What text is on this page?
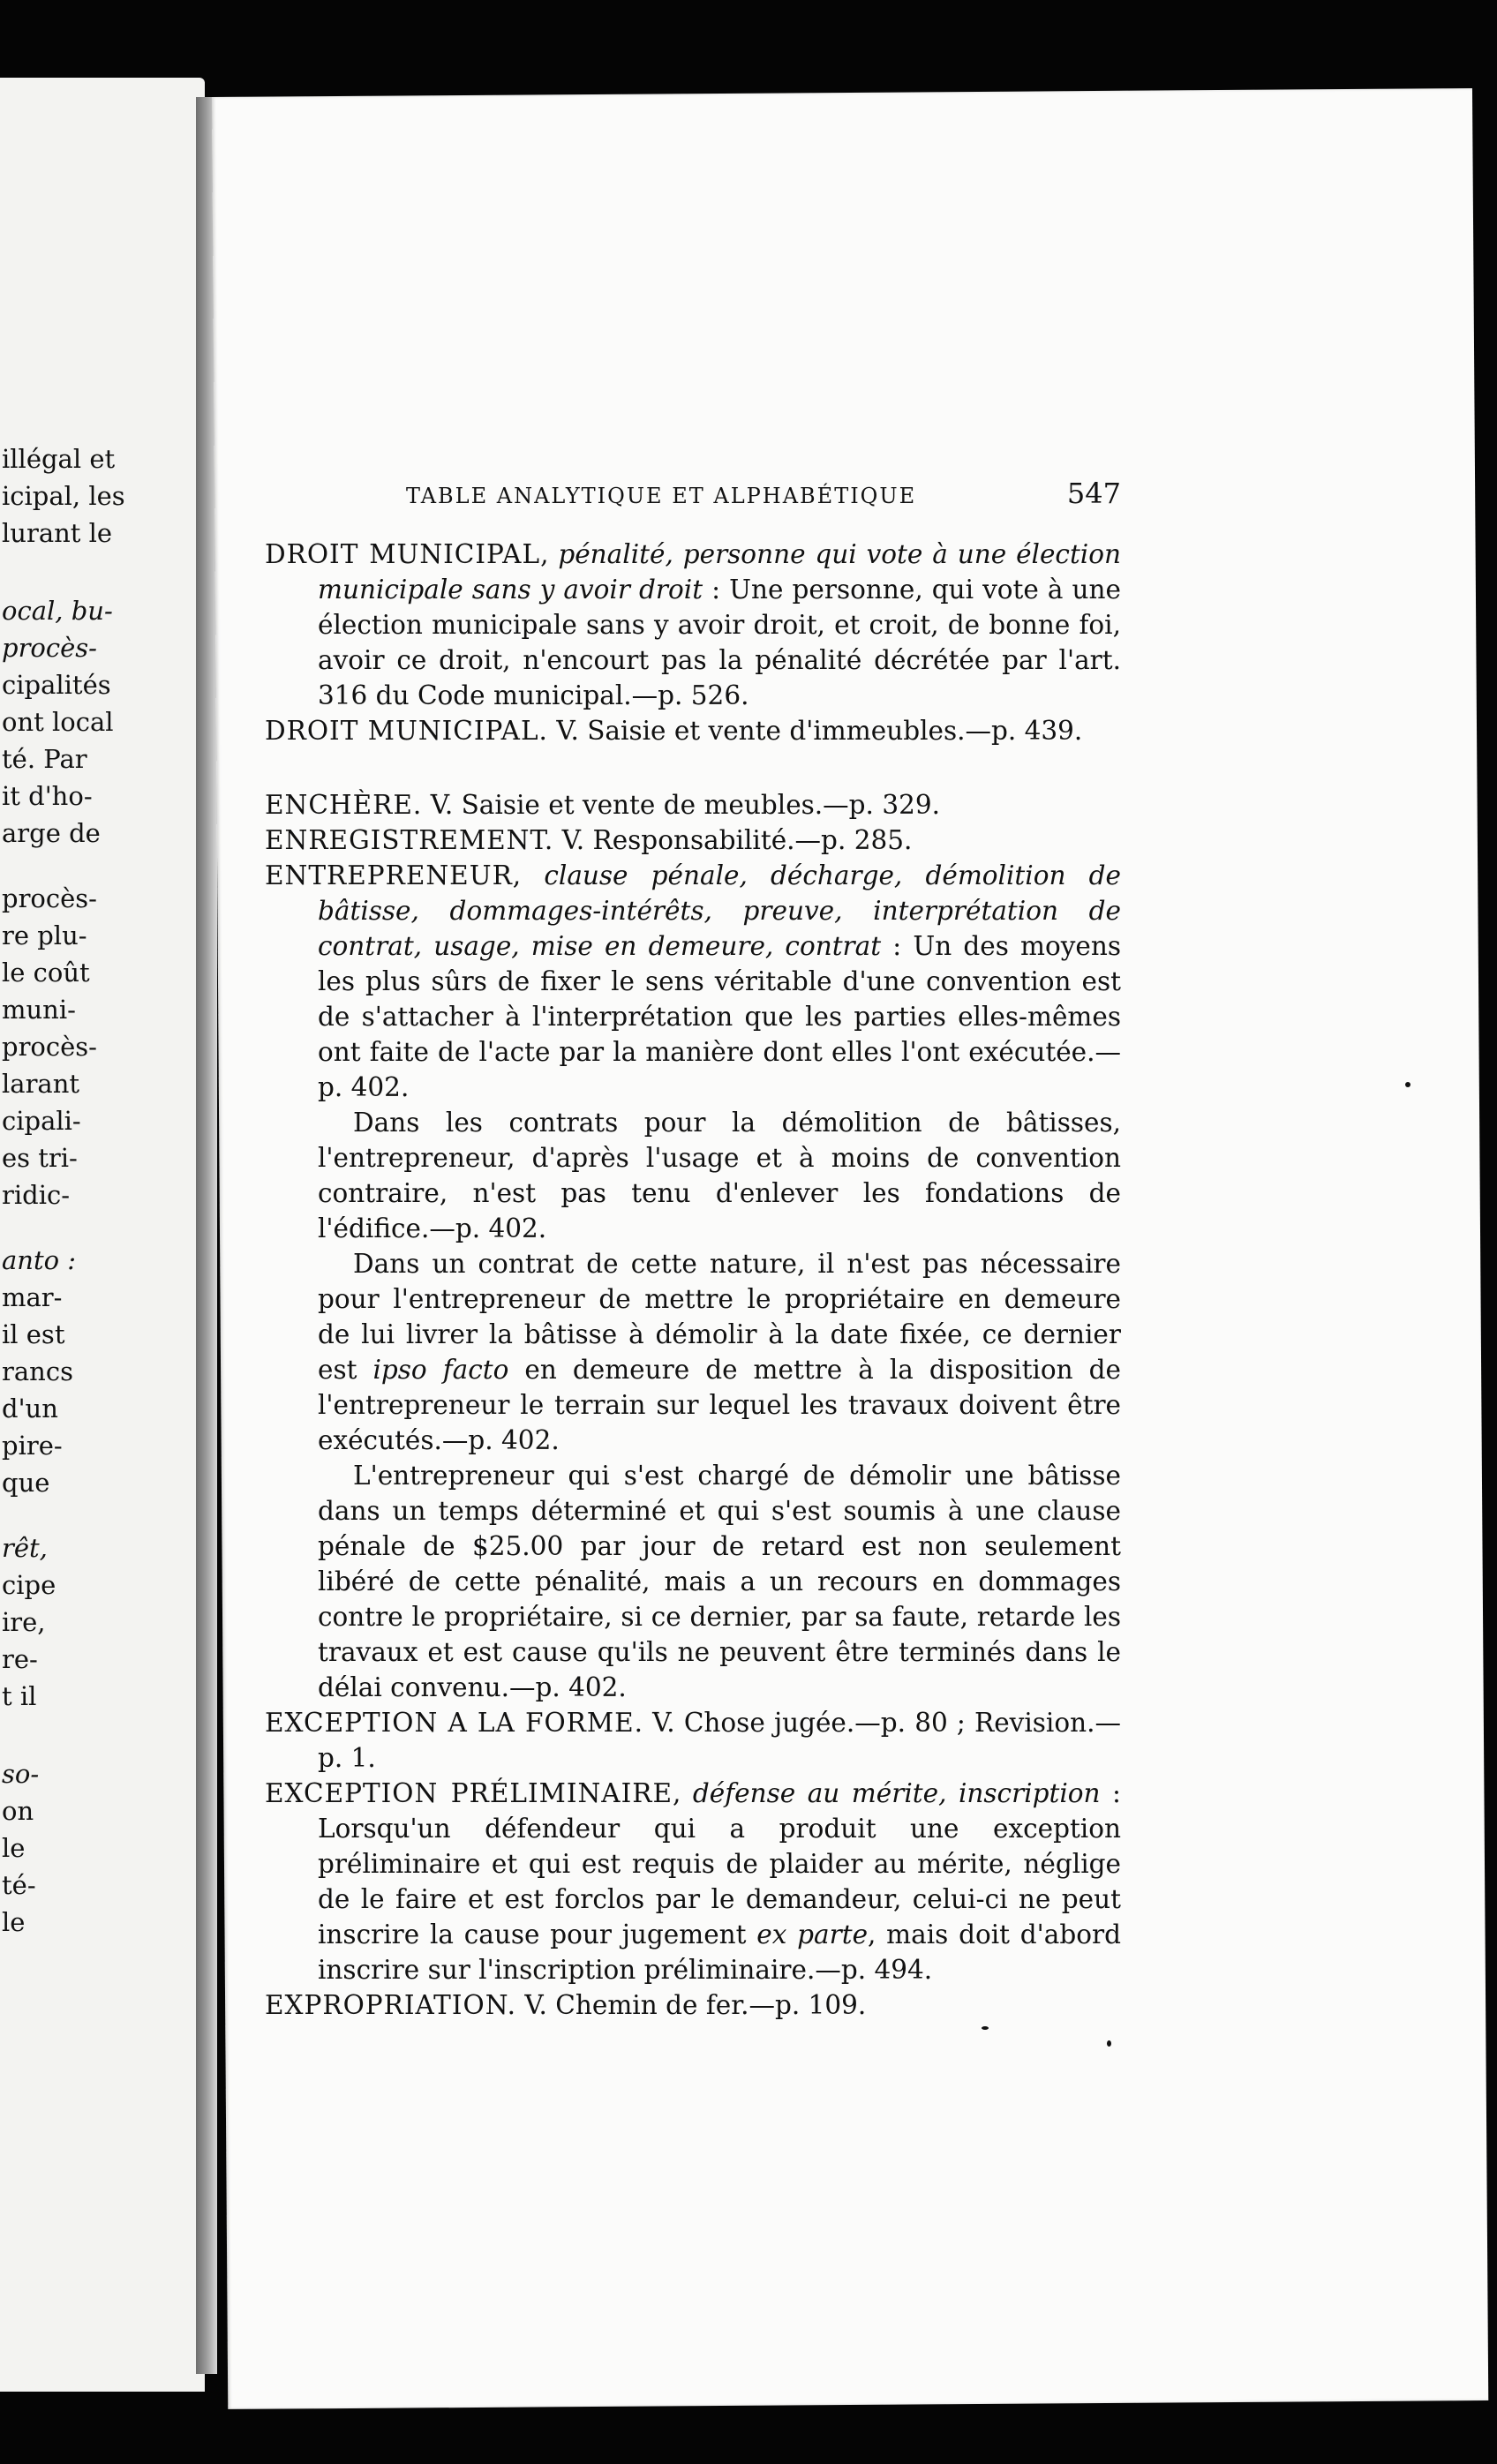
illégal et
icipal, les
lurant le
ocal, bu-
procès-
cipalités
ont local
té. Par
it d'ho-
arge de
procès-
re plu-
le coût
muni-
procès-
larant
cipali-
es tri-
ridic-
anto :
mar-
il est
rancs
d'un
pire-
que
rêt,
cipe
ire,
re-
t il
so-
on
le
té-
le
TABLE ANALYTIQUE ET ALPHABÉTIQUE	547

DROIT MUNICIPAL, pénalité, personne qui vote à une élection municipale sans y avoir droit : Une personne, qui vote à une élection municipale sans y avoir droit, et croit, de bonne foi, avoir ce droit, n'encourt pas la pénalité décrétée par l'art. 316 du Code municipal.—p. 526.

DROIT MUNICIPAL. V. Saisie et vente d'immeubles.—p. 439.

ENCHÈRE. V. Saisie et vente de meubles.—p. 329.

ENREGISTREMENT. V. Responsabilité.—p. 285.

ENTREPRENEUR, clause pénale, décharge, démolition de bâtisse, dommages-intérêts, preuve, interprétation de contrat, usage, mise en demeure, contrat : Un des moyens les plus sûrs de fixer le sens véritable d'une convention est de s'attacher à l'interprétation que les parties elles-mêmes ont faite de l'acte par la manière dont elles l'ont exécutée.—p. 402.

Dans les contrats pour la démolition de bâtisses, l'entrepreneur, d'après l'usage et à moins de convention contraire, n'est pas tenu d'enlever les fondations de l'édifice.—p. 402.

Dans un contrat de cette nature, il n'est pas nécessaire pour l'entrepreneur de mettre le propriétaire en demeure de lui livrer la bâtisse à démolir à la date fixée, ce dernier est ipso facto en demeure de mettre à la disposition de l'entrepreneur le terrain sur lequel les travaux doivent être exécutés.—p. 402.

L'entrepreneur qui s'est chargé de démolir une bâtisse dans un temps déterminé et qui s'est soumis à une clause pénale de $25.00 par jour de retard est non seulement libéré de cette pénalité, mais a un recours en dommages contre le propriétaire, si ce dernier, par sa faute, retarde les travaux et est cause qu'ils ne peuvent être terminés dans le délai convenu.—p. 402.

EXCEPTION A LA FORME. V. Chose jugée.—p. 80 ; Revision.—p. 1.

EXCEPTION PRÉLIMINAIRE, défense au mérite, inscription : Lorsqu'un défendeur qui a produit une exception préliminaire et qui est requis de plaider au mérite, néglige de le faire et est forclos par le demandeur, celui-ci ne peut inscrire la cause pour jugement ex parte, mais doit d'abord inscrire sur l'inscription préliminaire.—p. 494.

EXPROPRIATION. V. Chemin de fer.—p. 109.
